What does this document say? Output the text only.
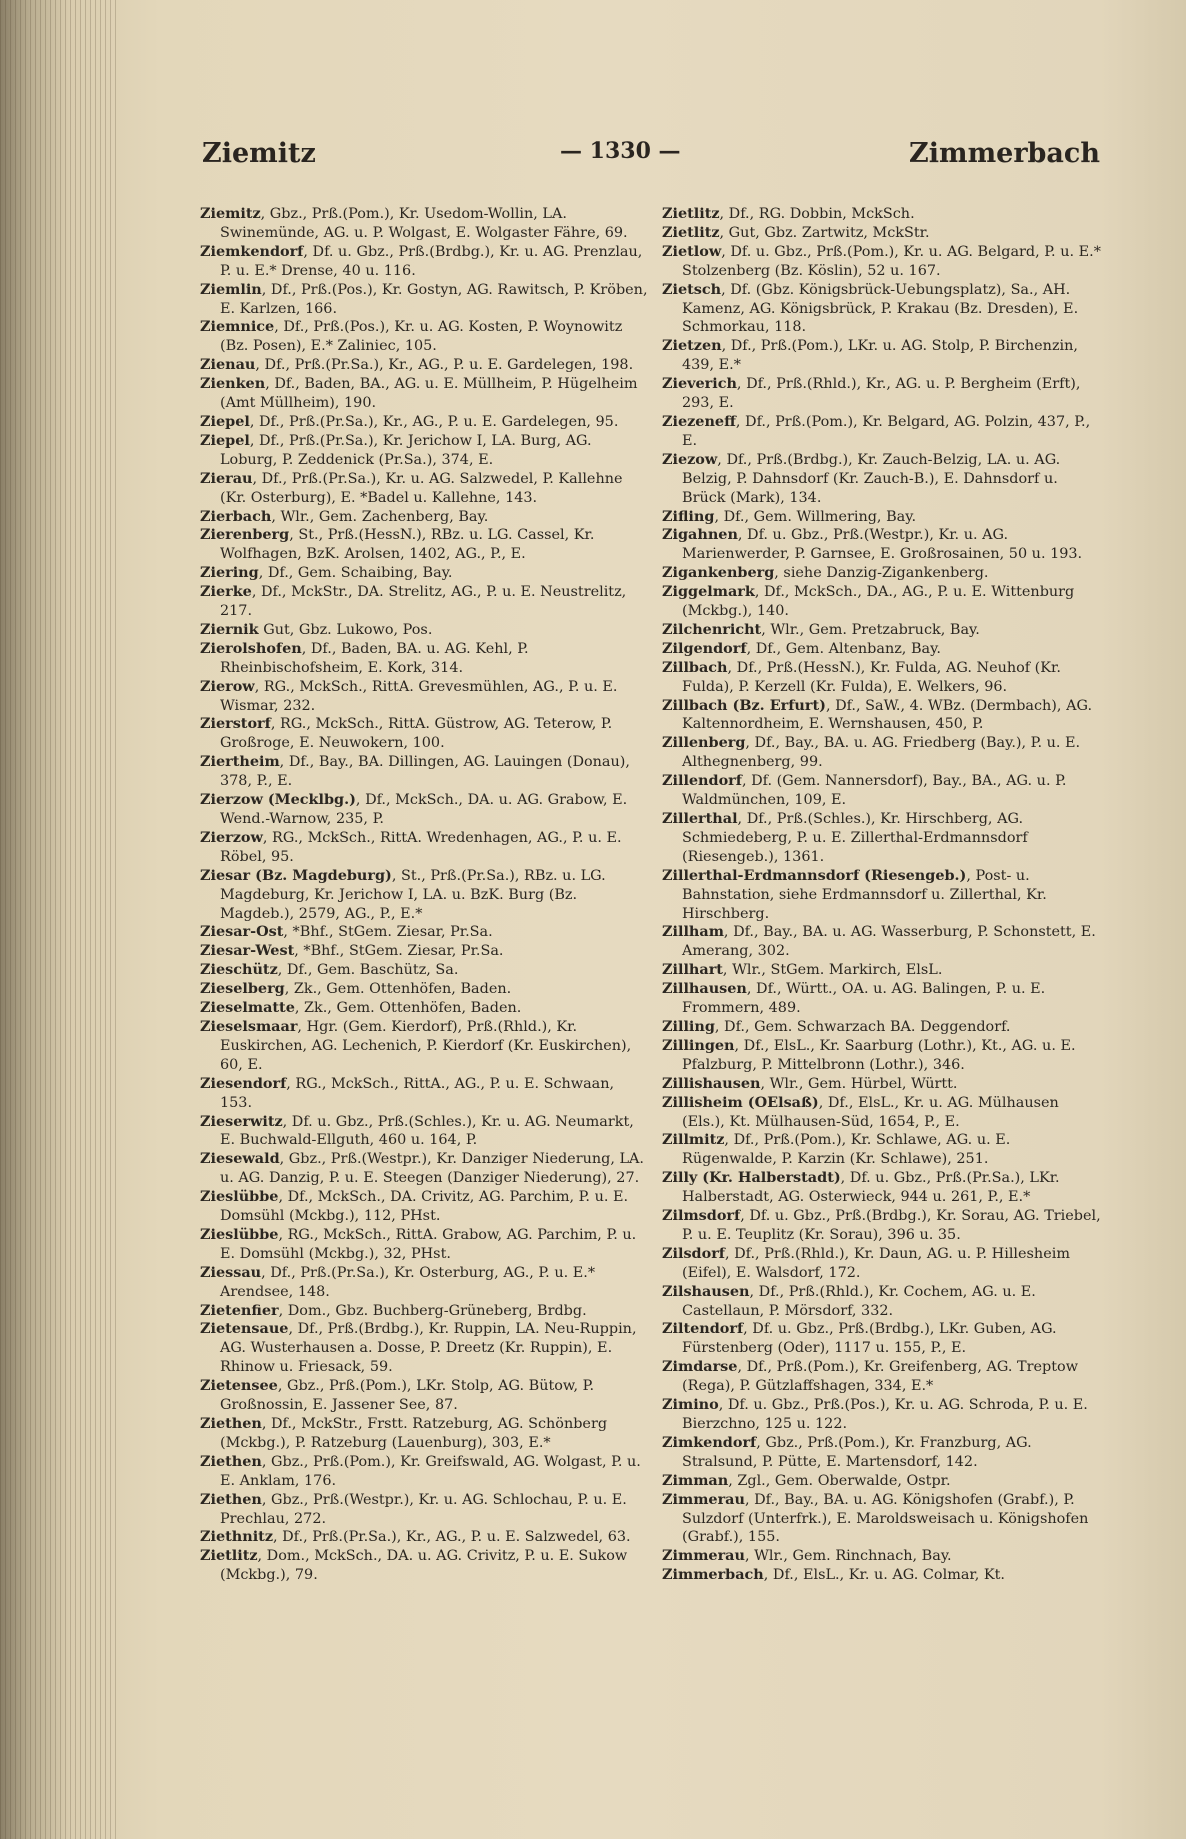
Ziemitz	— 1330 —	Zimmerbach

Ziemitz, Gbz., Prß.(Pom.), Kr. Usedom-Wollin, LA. Swinemünde, AG. u. P. Wolgast, E. Wolgaster Fähre, 69.

Ziemkendorf, Df. u. Gbz., Prß.(Brdbg.), Kr. u. AG. Prenzlau, P. u. E.* Drense, 40 u. 116.

Ziemlin, Df., Prß.(Pos.), Kr. Gostyn, AG. Rawitsch, P. Kröben, E. Karlzen, 166.

Ziemnice, Df., Prß.(Pos.), Kr. u. AG. Kosten, P. Woynowitz (Bz. Posen), E.* Zaliniec, 105.

Zienau, Df., Prß.(Pr.Sa.), Kr., AG., P. u. E. Gardelegen, 198.

Zienken, Df., Baden, BA., AG. u. E. Müllheim, P. Hügelheim (Amt Müllheim), 190.

Ziepel, Df., Prß.(Pr.Sa.), Kr., AG., P. u. E. Gardelegen, 95.

Ziepel, Df., Prß.(Pr.Sa.), Kr. Jerichow I, LA. Burg, AG. Loburg, P. Zeddenick (Pr.Sa.), 374, E.

Zierau, Df., Prß.(Pr.Sa.), Kr. u. AG. Salzwedel, P. Kallehne (Kr. Osterburg), E. *Badel u. Kallehne, 143.

Zierbach, Wlr., Gem. Zachenberg, Bay.

Zierenberg, St., Prß.(HessN.), RBz. u. LG. Cassel, Kr. Wolfhagen, BzK. Arolsen, 1402, AG., P., E.

Ziering, Df., Gem. Schaibing, Bay.

Zierke, Df., MckStr., DA. Strelitz, AG., P. u. E. Neustrelitz, 217.

Ziernik Gut, Gbz. Lukowo, Pos.

Zierolshofen, Df., Baden, BA. u. AG. Kehl, P. Rheinbischofsheim, E. Kork, 314.

Zierow, RG., MckSch., RittA. Grevesmühlen, AG., P. u. E. Wismar, 232.

Zierstorf, RG., MckSch., RittA. Güstrow, AG. Teterow, P. Großroge, E. Neuwokern, 100.

Ziertheim, Df., Bay., BA. Dillingen, AG. Lauingen (Donau), 378, P., E.

Zierzow (Mecklbg.), Df., MckSch., DA. u. AG. Grabow, E. Wend.-Warnow, 235, P.

Zierzow, RG., MckSch., RittA. Wredenhagen, AG., P. u. E. Röbel, 95.

Ziesar (Bz. Magdeburg), St., Prß.(Pr.Sa.), RBz. u. LG. Magdeburg, Kr. Jerichow I, LA. u. BzK. Burg (Bz. Magdeb.), 2579, AG., P., E.*

Ziesar-Ost, *Bhf., StGem. Ziesar, Pr.Sa.

Ziesar-West, *Bhf., StGem. Ziesar, Pr.Sa.

Zieschütz, Df., Gem. Baschütz, Sa.

Zieselberg, Zk., Gem. Ottenhöfen, Baden.

Zieselmatte, Zk., Gem. Ottenhöfen, Baden.

Zieselsmaar, Hgr. (Gem. Kierdorf), Prß.(Rhld.), Kr. Euskirchen, AG. Lechenich, P. Kierdorf (Kr. Euskirchen), 60, E.

Ziesendorf, RG., MckSch., RittA., AG., P. u. E. Schwaan, 153.

Zieserwitz, Df. u. Gbz., Prß.(Schles.), Kr. u. AG. Neumarkt, E. Buchwald-Ellguth, 460 u. 164, P.

Ziesewald, Gbz., Prß.(Westpr.), Kr. Danziger Niederung, LA. u. AG. Danzig, P. u. E. Steegen (Danziger Niederung), 27.

Zieslübbe, Df., MckSch., DA. Crivitz, AG. Parchim, P. u. E. Domsühl (Mckbg.), 112, PHst.

Zieslübbe, RG., MckSch., RittA. Grabow, AG. Parchim, P. u. E. Domsühl (Mckbg.), 32, PHst.

Ziessau, Df., Prß.(Pr.Sa.), Kr. Osterburg, AG., P. u. E.* Arendsee, 148.

Zietenfier, Dom., Gbz. Buchberg-Grüneberg, Brdbg.

Zietensaue, Df., Prß.(Brdbg.), Kr. Ruppin, LA. Neu-Ruppin, AG. Wusterhausen a. Dosse, P. Dreetz (Kr. Ruppin), E. Rhinow u. Friesack, 59.

Zietensee, Gbz., Prß.(Pom.), LKr. Stolp, AG. Bütow, P. Großnossin, E. Jassener See, 87.

Ziethen, Df., MckStr., Frstt. Ratzeburg, AG. Schönberg (Mckbg.), P. Ratzeburg (Lauenburg), 303, E.*

Ziethen, Gbz., Prß.(Pom.), Kr. Greifswald, AG. Wolgast, P. u. E. Anklam, 176.

Ziethen, Gbz., Prß.(Westpr.), Kr. u. AG. Schlochau, P. u. E. Prechlau, 272.

Ziethnitz, Df., Prß.(Pr.Sa.), Kr., AG., P. u. E. Salzwedel, 63.

Zietlitz, Dom., MckSch., DA. u. AG. Crivitz, P. u. E. Sukow (Mckbg.), 79.

Zietlitz, Df., RG. Dobbin, MckSch.

Zietlitz, Gut, Gbz. Zartwitz, MckStr.

Zietlow, Df. u. Gbz., Prß.(Pom.), Kr. u. AG. Belgard, P. u. E.* Stolzenberg (Bz. Köslin), 52 u. 167.

Zietsch, Df. (Gbz. Königsbrück-Uebungsplatz), Sa., AH. Kamenz, AG. Königsbrück, P. Krakau (Bz. Dresden), E. Schmorkau, 118.

Zietzen, Df., Prß.(Pom.), LKr. u. AG. Stolp, P. Birchenzin, 439, E.*

Zieverich, Df., Prß.(Rhld.), Kr., AG. u. P. Bergheim (Erft), 293, E.

Ziezeneff, Df., Prß.(Pom.), Kr. Belgard, AG. Polzin, 437, P., E.

Ziezow, Df., Prß.(Brdbg.), Kr. Zauch-Belzig, LA. u. AG. Belzig, P. Dahnsdorf (Kr. Zauch-B.), E. Dahnsdorf u. Brück (Mark), 134.

Zifling, Df., Gem. Willmering, Bay.

Zigahnen, Df. u. Gbz., Prß.(Westpr.), Kr. u. AG. Marienwerder, P. Garnsee, E. Großrosainen, 50 u. 193.

Zigankenberg, siehe Danzig-Zigankenberg.

Ziggelmark, Df., MckSch., DA., AG., P. u. E. Wittenburg (Mckbg.), 140.

Zilchenricht, Wlr., Gem. Pretzabruck, Bay.

Zilgendorf, Df., Gem. Altenbanz, Bay.

Zillbach, Df., Prß.(HessN.), Kr. Fulda, AG. Neuhof (Kr. Fulda), P. Kerzell (Kr. Fulda), E. Welkers, 96.

Zillbach (Bz. Erfurt), Df., SaW., 4. WBz. (Dermbach), AG. Kaltennordheim, E. Wernshausen, 450, P.

Zillenberg, Df., Bay., BA. u. AG. Friedberg (Bay.), P. u. E. Althegnenberg, 99.

Zillendorf, Df. (Gem. Nannersdorf), Bay., BA., AG. u. P. Waldmünchen, 109, E.

Zillerthal, Df., Prß.(Schles.), Kr. Hirschberg, AG. Schmiedeberg, P. u. E. Zillerthal-Erdmannsdorf (Riesengeb.), 1361.

Zillerthal-Erdmannsdorf (Riesengeb.), Post- u. Bahnstation, siehe Erdmannsdorf u. Zillerthal, Kr. Hirschberg.

Zillham, Df., Bay., BA. u. AG. Wasserburg, P. Schonstett, E. Amerang, 302.

Zillhart, Wlr., StGem. Markirch, ElsL.

Zillhausen, Df., Württ., OA. u. AG. Balingen, P. u. E. Frommern, 489.

Zilling, Df., Gem. Schwarzach BA. Deggendorf.

Zillingen, Df., ElsL., Kr. Saarburg (Lothr.), Kt., AG. u. E. Pfalzburg, P. Mittelbronn (Lothr.), 346.

Zillishausen, Wlr., Gem. Hürbel, Württ.

Zillisheim (OElsaß), Df., ElsL., Kr. u. AG. Mülhausen (Els.), Kt. Mülhausen-Süd, 1654, P., E.

Zillmitz, Df., Prß.(Pom.), Kr. Schlawe, AG. u. E. Rügenwalde, P. Karzin (Kr. Schlawe), 251.

Zilly (Kr. Halberstadt), Df. u. Gbz., Prß.(Pr.Sa.), LKr. Halberstadt, AG. Osterwieck, 944 u. 261, P., E.*

Zilmsdorf, Df. u. Gbz., Prß.(Brdbg.), Kr. Sorau, AG. Triebel, P. u. E. Teuplitz (Kr. Sorau), 396 u. 35.

Zilsdorf, Df., Prß.(Rhld.), Kr. Daun, AG. u. P. Hillesheim (Eifel), E. Walsdorf, 172.

Zilshausen, Df., Prß.(Rhld.), Kr. Cochem, AG. u. E. Castellaun, P. Mörsdorf, 332.

Ziltendorf, Df. u. Gbz., Prß.(Brdbg.), LKr. Guben, AG. Fürstenberg (Oder), 1117 u. 155, P., E.

Zimdarse, Df., Prß.(Pom.), Kr. Greifenberg, AG. Treptow (Rega), P. Gützlaffshagen, 334, E.*

Zimino, Df. u. Gbz., Prß.(Pos.), Kr. u. AG. Schroda, P. u. E. Bierzchno, 125 u. 122.

Zimkendorf, Gbz., Prß.(Pom.), Kr. Franzburg, AG. Stralsund, P. Pütte, E. Martensdorf, 142.

Zimman, Zgl., Gem. Oberwalde, Ostpr.

Zimmerau, Df., Bay., BA. u. AG. Königshofen (Grabf.), P. Sulzdorf (Unterfrk.), E. Maroldsweisach u. Königshofen (Grabf.), 155.

Zimmerau, Wlr., Gem. Rinchnach, Bay.

Zimmerbach, Df., ElsL., Kr. u. AG. Colmar, Kt.
